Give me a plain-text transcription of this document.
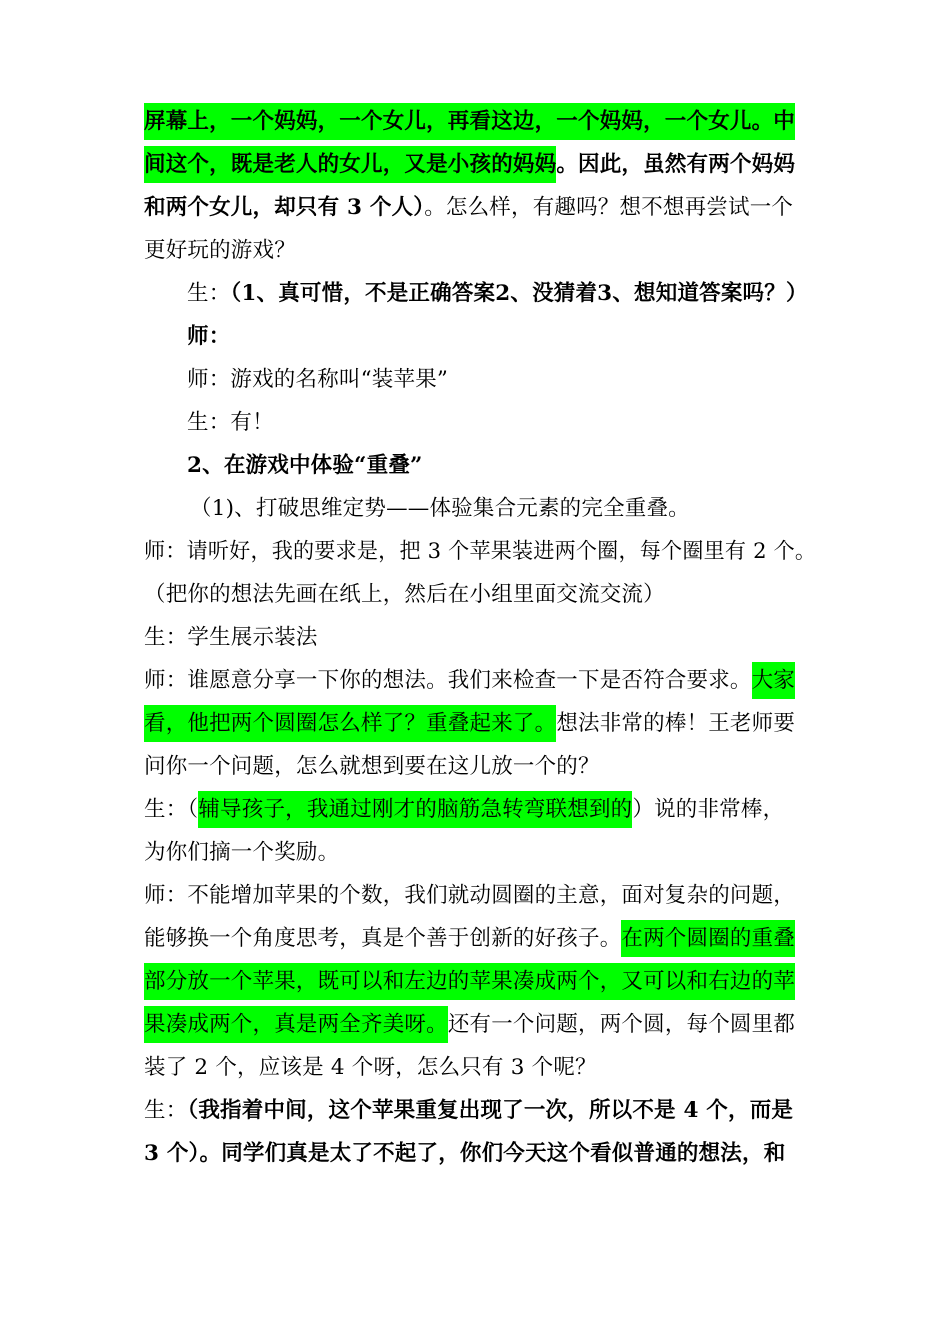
屏幕上，一个妈妈，一个女儿，再看这边，一个妈妈，一个女儿。中
间这个，既是老人的女儿，又是小孩的妈妈。因此，虽然有两个妈妈
和两个女儿，却只有 3 个人）。怎么样，有趣吗？想不想再尝试一个
更好玩的游戏？
生：（1、真可惜，不是正确答案2、没猜着3、想知道答案吗？）
师：
师：游戏的名称叫“装苹果”
生：有！
2、在游戏中体验“重叠”
（1)、打破思维定势——体验集合元素的完全重叠。
师：请听好，我的要求是，把 3 个苹果装进两个圈，每个圈里有 2 个。
（把你的想法先画在纸上，然后在小组里面交流交流）
生：学生展示装法
师：谁愿意分享一下你的想法。我们来检查一下是否符合要求。大家
看，他把两个圆圈怎么样了？重叠起来了。想法非常的棒！王老师要
问你一个问题，怎么就想到要在这儿放一个的？
生：（辅导孩子，我通过刚才的脑筋急转弯联想到的）说的非常棒，
为你们摘一个奖励。
师：不能增加苹果的个数，我们就动圆圈的主意，面对复杂的问题，
能够换一个角度思考，真是个善于创新的好孩子。在两个圆圈的重叠
部分放一个苹果，既可以和左边的苹果凑成两个，又可以和右边的苹
果凑成两个，真是两全齐美呀。还有一个问题，两个圆，每个圆里都
装了 2 个，应该是 4 个呀，怎么只有 3 个呢？
生：（我指着中间，这个苹果重复出现了一次，所以不是 4 个，而是
3 个）。同学们真是太了不起了，你们今天这个看似普通的想法，和
